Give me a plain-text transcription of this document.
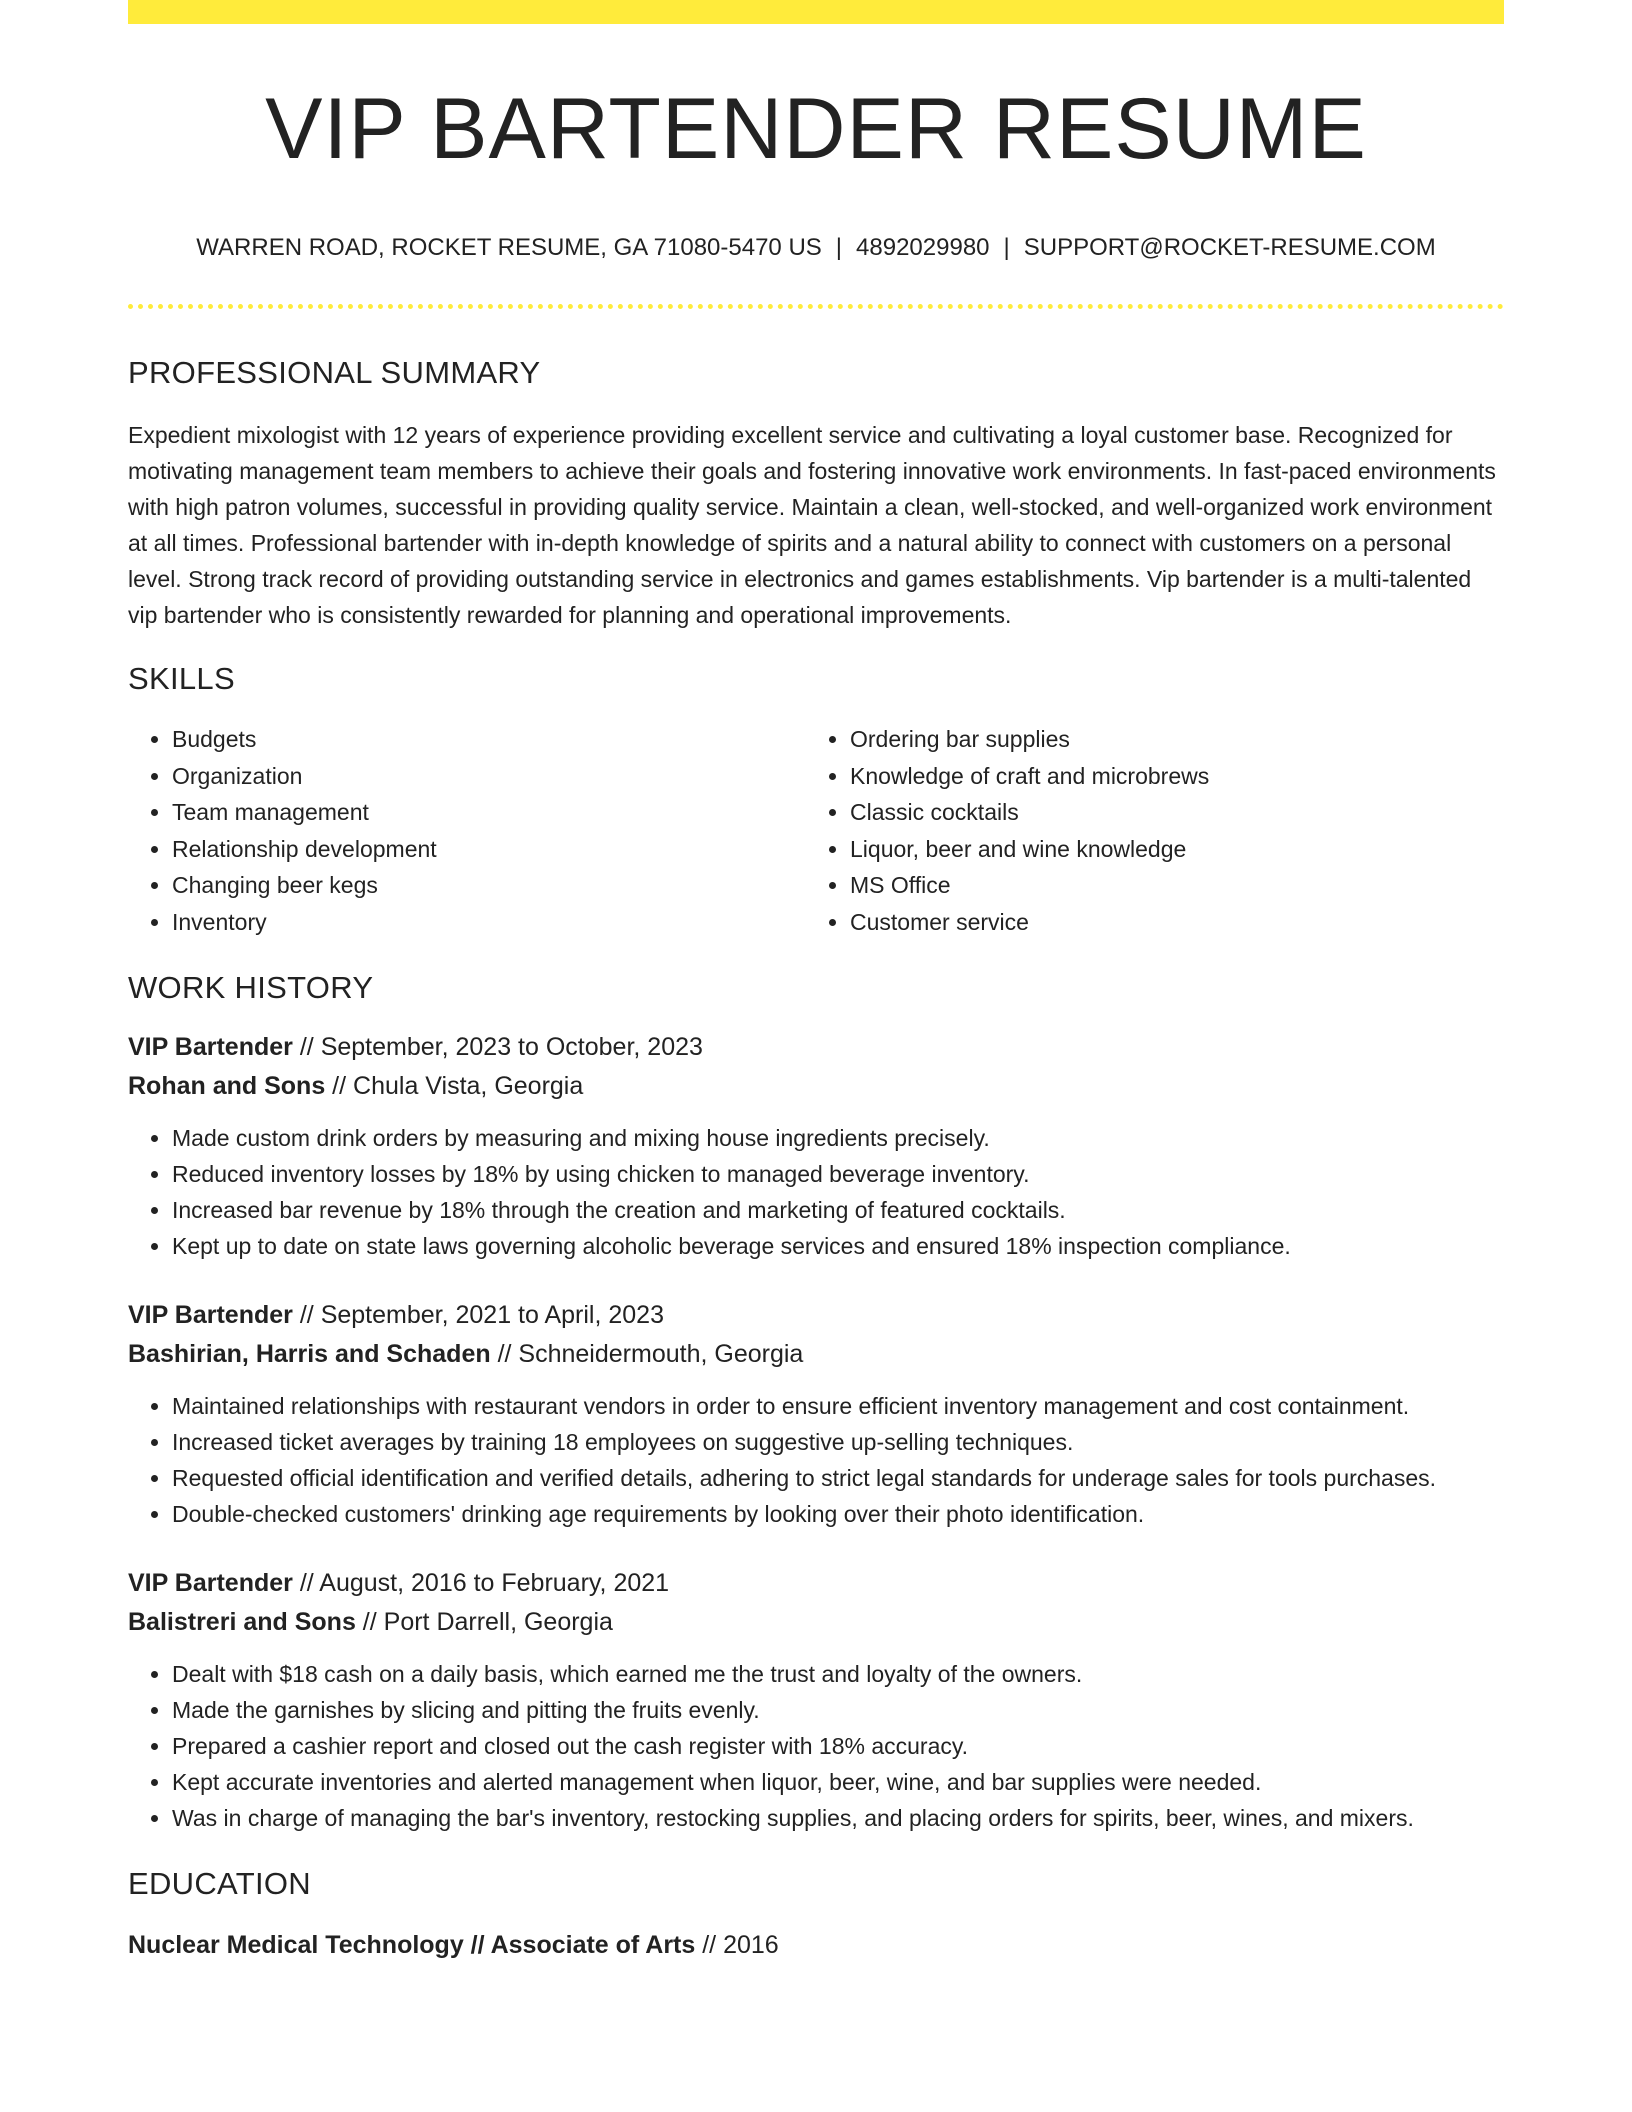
VIP BARTENDER RESUME
WARREN ROAD, ROCKET RESUME, GA 71080-5470 US | 4892029980 | SUPPORT@ROCKET-RESUME.COM
PROFESSIONAL SUMMARY

Expedient mixologist with 12 years of experience providing excellent service and cultivating a loyal customer base. Recognized for motivating management team members to achieve their goals and fostering innovative work environments. In fast-paced environments with high patron volumes, successful in providing quality service. Maintain a clean, well-stocked, and well-organized work environment at all times. Professional bartender with in-depth knowledge of spirits and a natural ability to connect with customers on a personal level. Strong track record of providing outstanding service in electronics and games establishments. Vip bartender is a multi-talented vip bartender who is consistently rewarded for planning and operational improvements.

SKILLS
• Budgets
• Organization
• Team management
• Relationship development
• Changing beer kegs
• Inventory
• Ordering bar supplies
• Knowledge of craft and microbrews
• Classic cocktails
• Liquor, beer and wine knowledge
• MS Office
• Customer service
WORK HISTORY
VIP Bartender // September, 2023 to October, 2023
Rohan and Sons // Chula Vista, Georgia
• Made custom drink orders by measuring and mixing house ingredients precisely.
• Reduced inventory losses by 18% by using chicken to managed beverage inventory.
• Increased bar revenue by 18% through the creation and marketing of featured cocktails.
• Kept up to date on state laws governing alcoholic beverage services and ensured 18% inspection compliance.
VIP Bartender // September, 2021 to April, 2023
Bashirian, Harris and Schaden // Schneidermouth, Georgia
• Maintained relationships with restaurant vendors in order to ensure efficient inventory management and cost containment.
• Increased ticket averages by training 18 employees on suggestive up-selling techniques.
• Requested official identification and verified details, adhering to strict legal standards for underage sales for tools purchases.
• Double-checked customers' drinking age requirements by looking over their photo identification.
VIP Bartender // August, 2016 to February, 2021
Balistreri and Sons // Port Darrell, Georgia
• Dealt with $18 cash on a daily basis, which earned me the trust and loyalty of the owners.
• Made the garnishes by slicing and pitting the fruits evenly.
• Prepared a cashier report and closed out the cash register with 18% accuracy.
• Kept accurate inventories and alerted management when liquor, beer, wine, and bar supplies were needed.
• Was in charge of managing the bar's inventory, restocking supplies, and placing orders for spirits, beer, wines, and mixers.
EDUCATION
Nuclear Medical Technology // Associate of Arts // 2016
